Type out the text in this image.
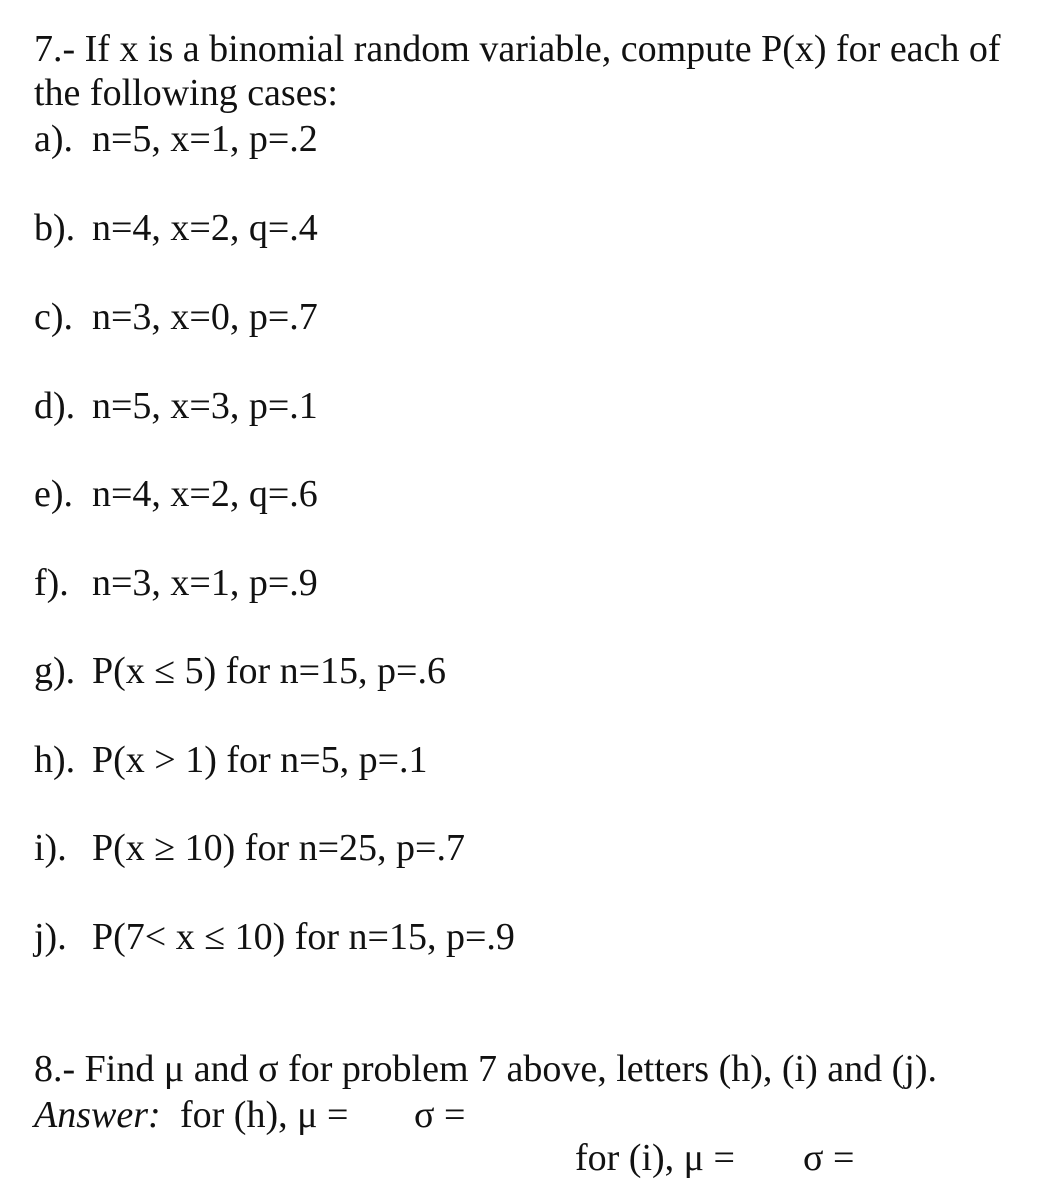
7.- If x is a binomial random variable, compute P(x) for each of
the following cases:
a). n=5, x=1, p=.2
b). n=4, x=2, q=.4
c). n=3, x=0, p=.7
d). n=5, x=3, p=.1
e). n=4, x=2, q=.6
f). n=3, x=1, p=.9
g). P(x ≤ 5) for n=15, p=.6
h). P(x > 1) for n=5, p=.1
i). P(x ≥ 10) for n=25, p=.7
j). P(7< x ≤ 10) for n=15, p=.9
8.- Find μ and σ for problem 7 above, letters (h), (i) and (j).
Answer: for (h), μ = σ =
for (i), μ = σ =
